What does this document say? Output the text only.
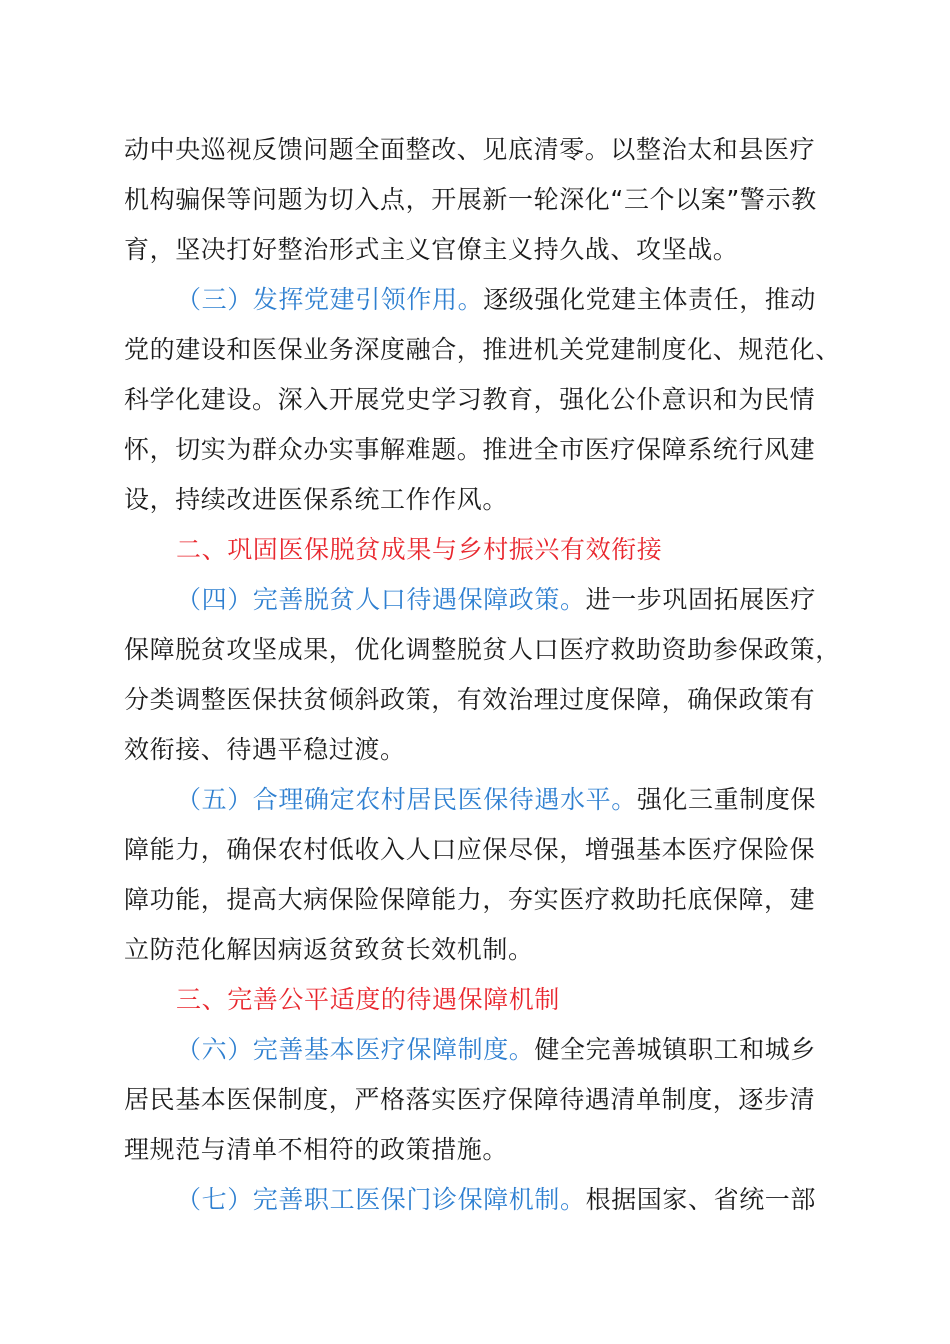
动中央巡视反馈问题全面整改、见底清零。以整治太和县医疗
机构骗保等问题为切入点，开展新一轮深化“三个以案”警示教
育，坚决打好整治形式主义官僚主义持久战、攻坚战。
（三）发挥党建引领作用。逐级强化党建主体责任，推动
党的建设和医保业务深度融合，推进机关党建制度化、规范化、
科学化建设。深入开展党史学习教育，强化公仆意识和为民情
怀，切实为群众办实事解难题。推进全市医疗保障系统行风建
设，持续改进医保系统工作作风。
二、巩固医保脱贫成果与乡村振兴有效衔接
（四）完善脱贫人口待遇保障政策。进一步巩固拓展医疗
保障脱贫攻坚成果，优化调整脱贫人口医疗救助资助参保政策，
分类调整医保扶贫倾斜政策，有效治理过度保障，确保政策有
效衔接、待遇平稳过渡。
（五）合理确定农村居民医保待遇水平。强化三重制度保
障能力，确保农村低收入人口应保尽保，增强基本医疗保险保
障功能，提高大病保险保障能力，夯实医疗救助托底保障，建
立防范化解因病返贫致贫长效机制。
三、完善公平适度的待遇保障机制
（六）完善基本医疗保障制度。健全完善城镇职工和城乡
居民基本医保制度，严格落实医疗保障待遇清单制度，逐步清
理规范与清单不相符的政策措施。
（七）完善职工医保门诊保障机制。根据国家、省统一部
